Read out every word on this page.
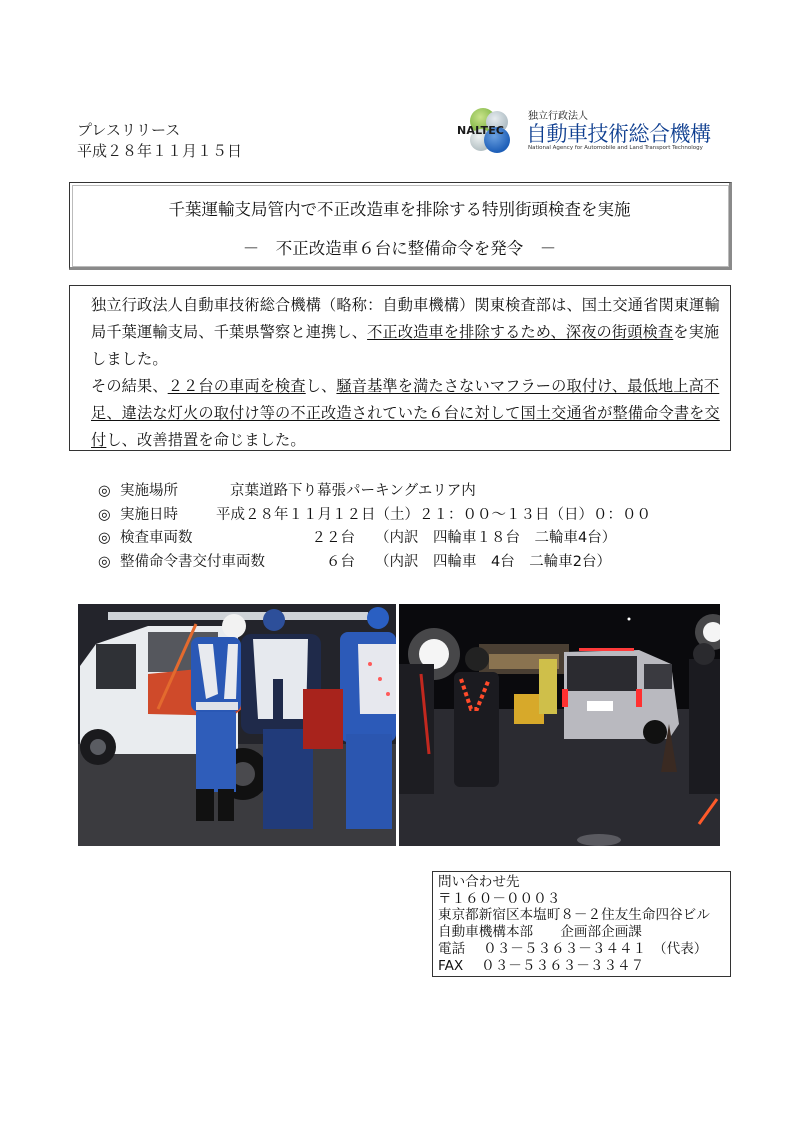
プレスリリース
平成２８年１１月１５日
NALTEC
独立行政法人
自動車技術総合機構
National Agency for Automobile and Land Transport Technology
千葉運輸支局管内で不正改造車を排除する特別街頭検査を実施
－　不正改造車６台に整備命令を発令　－

独立行政法人自動車技術総合機構（略称：自動車機構）関東検査部は、国土交通省関東運輸局千葉運輸支局、千葉県警察と連携し、不正改造車を排除するため、深夜の街頭検査を実施しました。

その結果、２２台の車両を検査し、騒音基準を満たさないマフラーの取付け、最低地上高不足、違法な灯火の取付け等の不正改造されていた６台に対して国土交通省が整備命令書を交付し、改善措置を命じました。

◎ 実施場所	京葉道路下り幕張パーキングエリア内
◎ 実施日時	平成２８年１１月１２日（土）２１：００～１３日（日）０：００
◎ 検査車両数	２２台 （内訳　四輪車１８台　二輪車4台）
◎ 整備命令書交付車両数	６台 （内訳　四輪車　4台　二輪車2台）
問い合わせ先
〒１６０－０００３
東京都新宿区本塩町８－２住友生命四谷ビル
自動車機構本部　　企画部企画課
電話　 ０３－５３６３－３４４１　（代表）
FAX　 ０３－５３６３－３３４７
